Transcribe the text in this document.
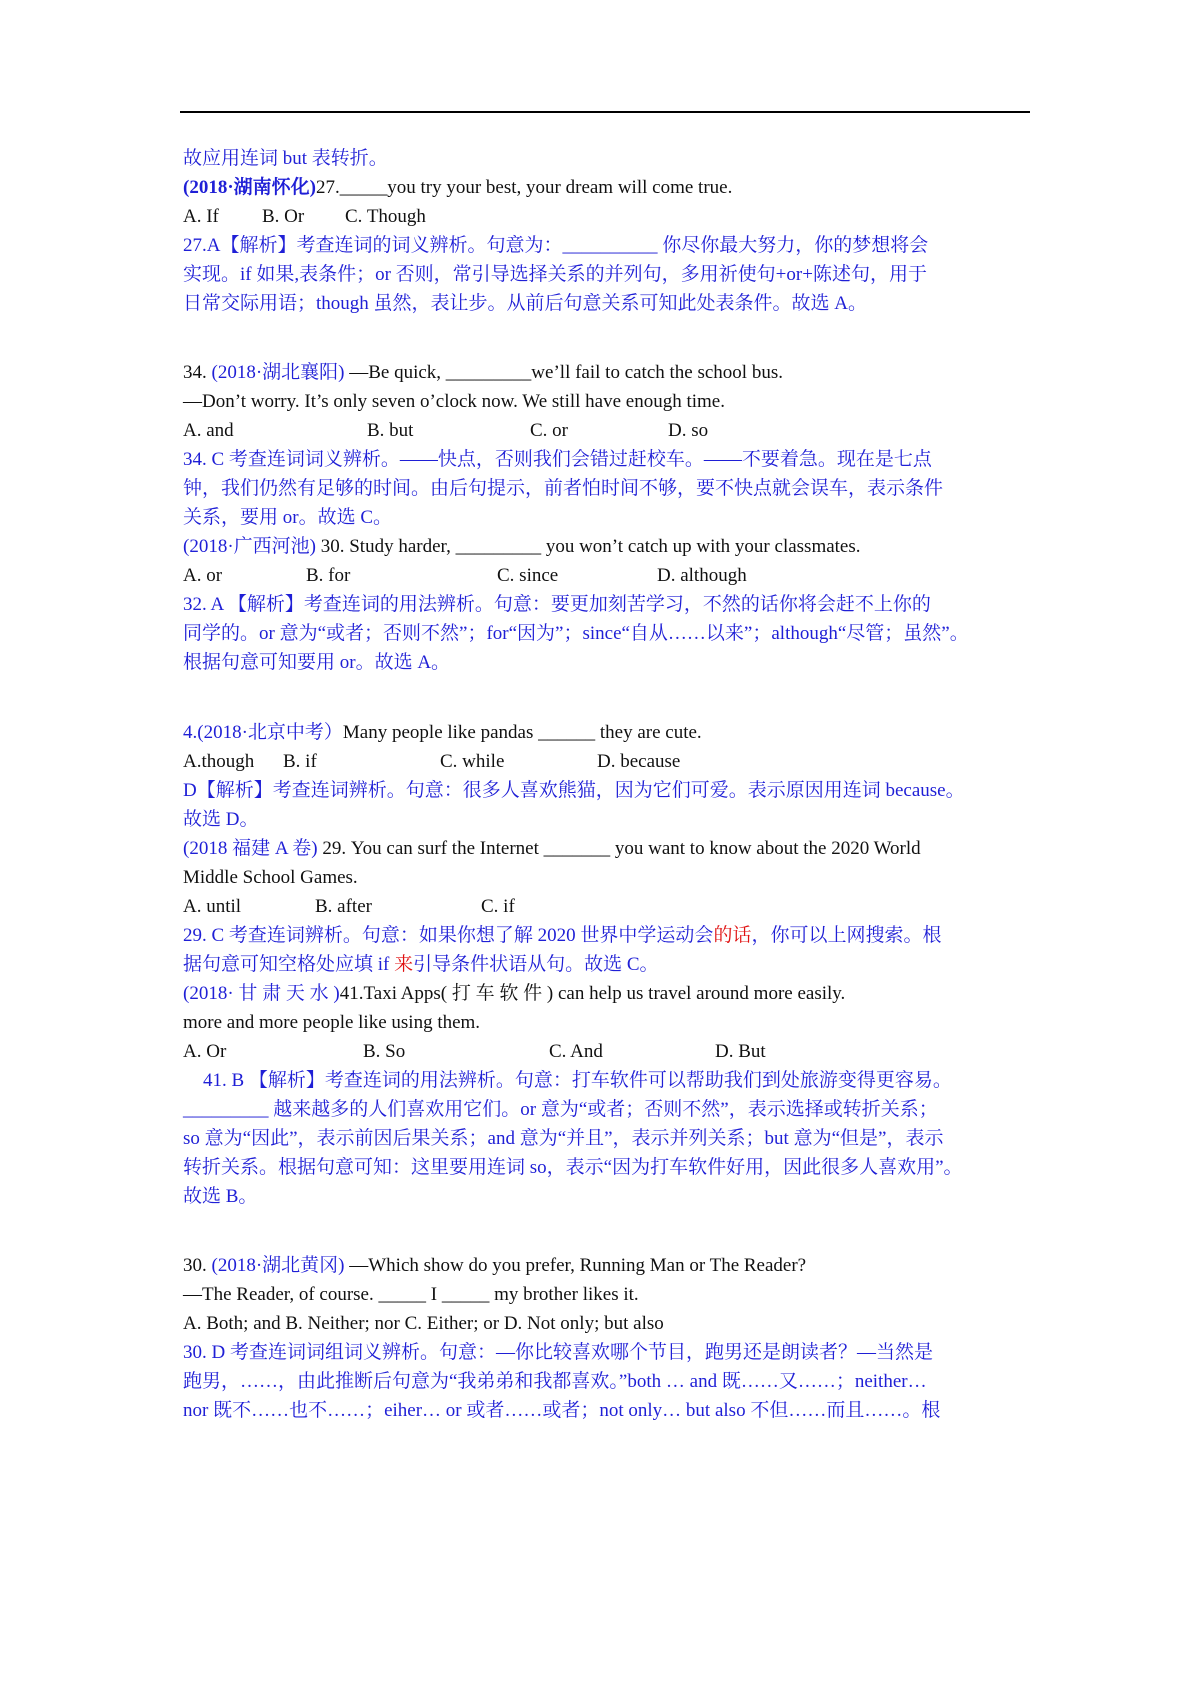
故应用连词 but 表转折。
(2018·湖南怀化)27._____you try your best, your dream will come true.
A. If B. Or C. Though
27.A【解析】考查连词的词义辨析。句意为：__________ 你尽你最大努力，你的梦想将会
实现。if 如果,表条件；or 否则，常引导选择关系的并列句，多用祈使句+or+陈述句，用于
日常交际用语；though 虽然，表让步。从前后句意关系可知此处表条件。故选 A。
34. (2018·湖北襄阳) —Be quick, _________we’ll fail to catch the school bus.
—Don’t worry. It’s only seven o’clock now. We still have enough time.
A. and	B. but	C. or	D. so
34. C 考查连词词义辨析。——快点，否则我们会错过赶校车。——不要着急。现在是七点
钟，我们仍然有足够的时间。由后句提示，前者怕时间不够，要不快点就会误车，表示条件
关系，要用 or。故选 C。
(2018·广西河池) 30. Study harder, _________ you won’t catch up with your classmates.
A. or	B. for	C. since	D. although
32. A 【解析】考查连词的用法辨析。句意：要更加刻苦学习，不然的话你将会赶不上你的
同学的。or 意为“或者；否则不然”；for“因为”；since“自从……以来”；although“尽管；虽然”。
根据句意可知要用 or。故选 A。
4.(2018·北京中考）Many people like pandas ______ they are cute.
A.though B. if	C. while	D. because
D【解析】考查连词辨析。句意：很多人喜欢熊猫，因为它们可爱。表示原因用连词 because。
故选 D。
(2018 福建 A 卷) 29. You can surf the Internet _______ you want to know about the 2020 World
Middle School Games.
A. until	B. after	C. if
29. C 考查连词辨析。句意：如果你想了解 2020 世界中学运动会的话，你可以上网搜索。根
据句意可知空格处应填 if 来引导条件状语从句。故选 C。
(2018· 甘 肃 天 水 )41.Taxi Apps( 打 车 软 件 ) can help us travel around more easily.
more and more people like using them.
A. Or	B. So	C. And	D. But
41. B 【解析】考查连词的用法辨析。句意：打车软件可以帮助我们到处旅游变得更容易。
_________ 越来越多的人们喜欢用它们。or 意为“或者；否则不然”，表示选择或转折关系；
so 意为“因此”，表示前因后果关系；and 意为“并且”，表示并列关系；but 意为“但是”，表示
转折关系。根据句意可知：这里要用连词 so，表示“因为打车软件好用，因此很多人喜欢用”。
故选 B。
30. (2018·湖北黄冈) —Which show do you prefer, Running Man or The Reader?
—The Reader, of course. _____ I _____ my brother likes it.
A. Both; and B. Neither; nor C. Either; or D. Not only; but also
30. D 考查连词词组词义辨析。句意：—你比较喜欢哪个节目，跑男还是朗读者？—当然是
跑男，……，由此推断后句意为“我弟弟和我都喜欢。”both … and 既……又……；neither…
nor 既不……也不……；eiher… or 或者……或者；not only… but also 不但……而且……。根
